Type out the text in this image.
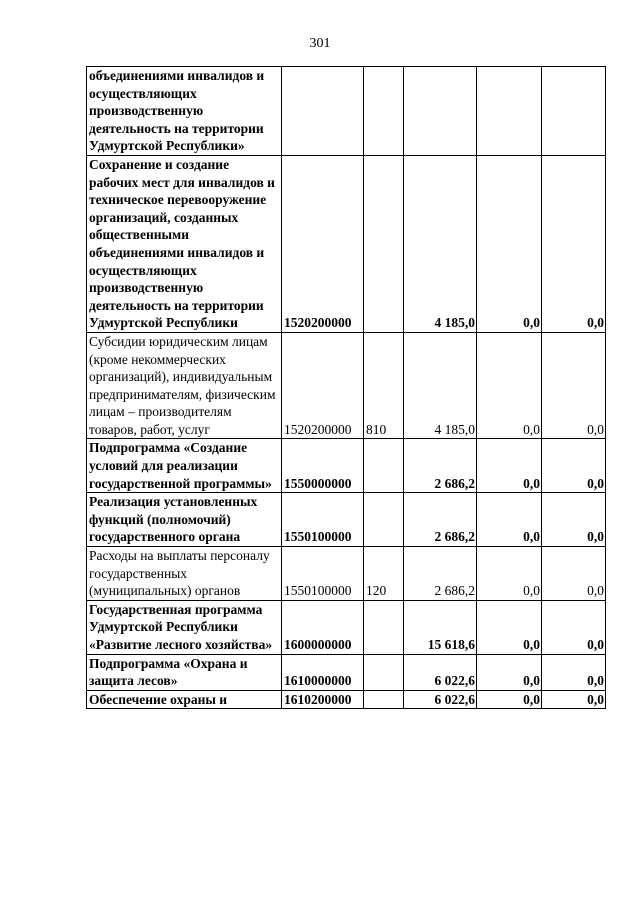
301
объединениями инвалидов и осуществляющих производственную деятельность на территории Удмуртской Республики»					
Сохранение и создание рабочих мест для инвалидов и техническое перевооружение организаций, созданных общественными объединениями инвалидов и осуществляющих производственную деятельность на территории Удмуртской Республики	1520200000		4 185,0	0,0	0,0
Субсидии юридическим лицам (кроме некоммерческих организаций), индивидуальным предпринимателям, физическим лицам – производителям товаров, работ, услуг	1520200000	810	4 185,0	0,0	0,0
Подпрограмма «Создание условий для реализации государственной программы»	1550000000		2 686,2	0,0	0,0
Реализация установленных функций (полномочий) государственного органа	1550100000		2 686,2	0,0	0,0
Расходы на выплаты персоналу государственных (муниципальных) органов	1550100000	120	2 686,2	0,0	0,0
Государственная программа Удмуртской Республики «Развитие лесного хозяйства»	1600000000		15 618,6	0,0	0,0
Подпрограмма «Охрана и защита лесов»	1610000000		6 022,6	0,0	0,0
Обеспечение охраны и	1610200000		6 022,6	0,0	0,0
